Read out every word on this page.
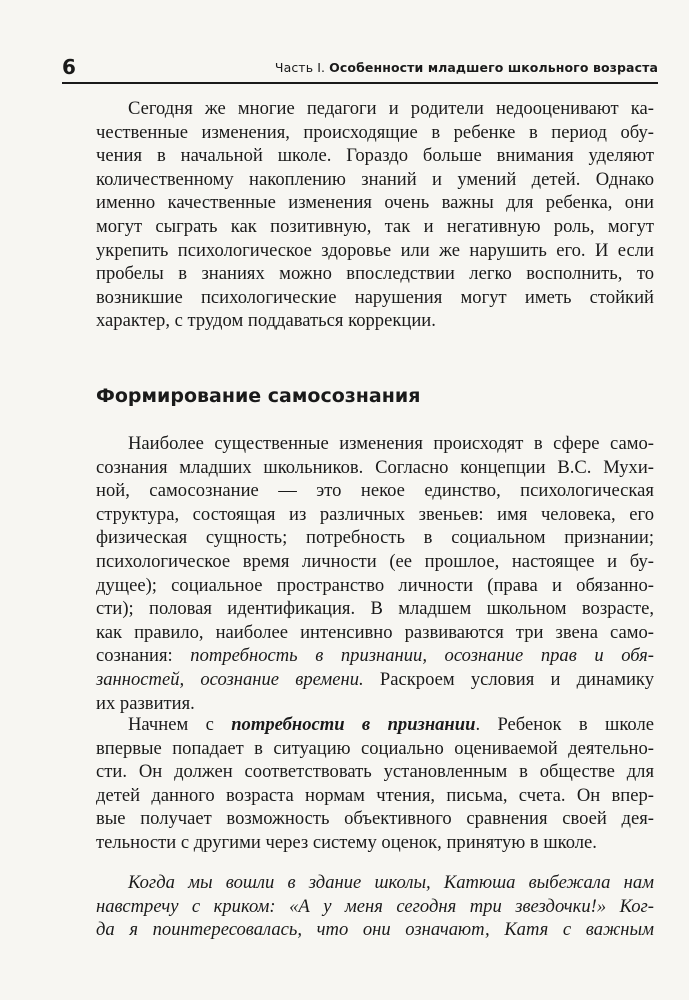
6	Часть I. Особенности младшего школьного возраста
Сегодня же многие педагоги и родители недооценивают ка-
чественные изменения, происходящие в ребенке в период обу-
чения в начальной школе. Гораздо больше внимания уделяют
количественному накоплению знаний и умений детей. Однако
именно качественные изменения очень важны для ребенка, они
могут сыграть как позитивную, так и негативную роль, могут
укрепить психологическое здоровье или же нарушить его. И если
пробелы в знаниях можно впоследствии легко восполнить, то
возникшие психологические нарушения могут иметь стойкий
характер, с трудом поддаваться коррекции.
Формирование самосознания
Наиболее существенные изменения происходят в сфере само-
сознания младших школьников. Согласно концепции В.С. Мухи-
ной, самосознание — это некое единство, психологическая
структура, состоящая из различных звеньев: имя человека, его
физическая сущность; потребность в социальном признании;
психологическое время личности (ее прошлое, настоящее и бу-
дущее); социальное пространство личности (права и обязанно-
сти); половая идентификация. В младшем школьном возрасте,
как правило, наиболее интенсивно развиваются три звена само-
сознания: потребность в признании, осознание прав и обя-
занностей, осознание времени. Раскроем условия и динамику
их развития.
Начнем с потребности в признании. Ребенок в школе
впервые попадает в ситуацию социально оцениваемой деятельно-
сти. Он должен соответствовать установленным в обществе для
детей данного возраста нормам чтения, письма, счета. Он впер-
вые получает возможность объективного сравнения своей дея-
тельности с другими через систему оценок, принятую в школе.
Когда мы вошли в здание школы, Катюша выбежала нам
навстречу с криком: «А у меня сегодня три звездочки!» Ког-
да я поинтересовалась, что они означают, Катя с важным
